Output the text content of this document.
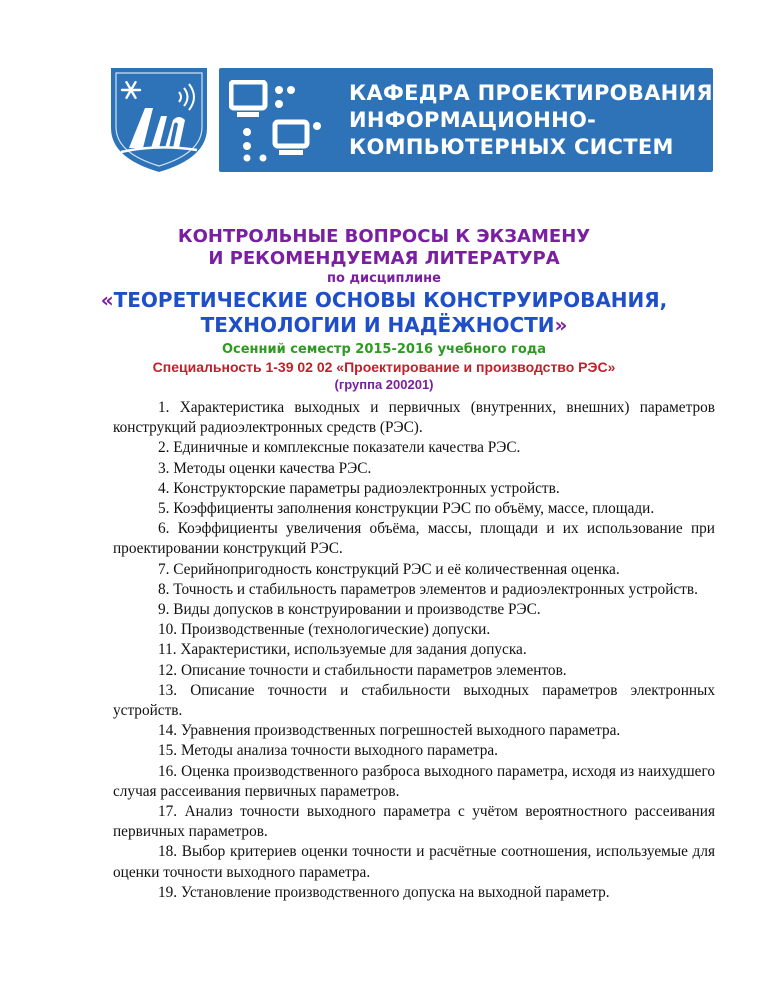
КАФЕДРА ПРОЕКТИРОВАНИЯ
ИНФОРМАЦИОННО-
КОМПЬЮТЕРНЫХ СИСТЕМ
КОНТРОЛЬНЫЕ ВОПРОСЫ К ЭКЗАМЕНУ
И РЕКОМЕНДУЕМАЯ ЛИТЕРАТУРА
по дисциплине
«ТЕОРЕТИЧЕСКИЕ ОСНОВЫ КОНСТРУИРОВАНИЯ,
ТЕХНОЛОГИИ И НАДЁЖНОСТИ»
Осенний семестр 2015-2016 учебного года
Специальность 1-39 02 02 «Проектирование и производство РЭС»
(группа 200201)
1. Характеристика выходных и первичных (внутренних, внешних) параметров конструкций радиоэлектронных средств (РЭС).
2. Единичные и комплексные показатели качества РЭС.
3. Методы оценки качества РЭС.
4. Конструкторские параметры радиоэлектронных устройств.
5. Коэффициенты заполнения конструкции РЭС по объёму, массе, площади.
6. Коэффициенты увеличения объёма, массы, площади и их использование при проектировании конструкций РЭС.
7. Серийнопригодность конструкций РЭС и её количественная оценка.
8. Точность и стабильность параметров элементов и радиоэлектронных устройств.
9. Виды допусков в конструировании и производстве РЭС.
10. Производственные (технологические) допуски.
11. Характеристики, используемые для задания допуска.
12. Описание точности и стабильности параметров элементов.
13. Описание точности и стабильности выходных параметров электронных устройств.
14. Уравнения производственных погрешностей выходного параметра.
15. Методы анализа точности выходного параметра.
16. Оценка производственного разброса выходного параметра, исходя из наихудшего случая рассеивания первичных параметров.
17. Анализ точности выходного параметра с учётом вероятностного рассеивания первичных параметров.
18. Выбор критериев оценки точности и расчётные соотношения, используемые для оценки точности выходного параметра.
19. Установление производственного допуска на выходной параметр.
